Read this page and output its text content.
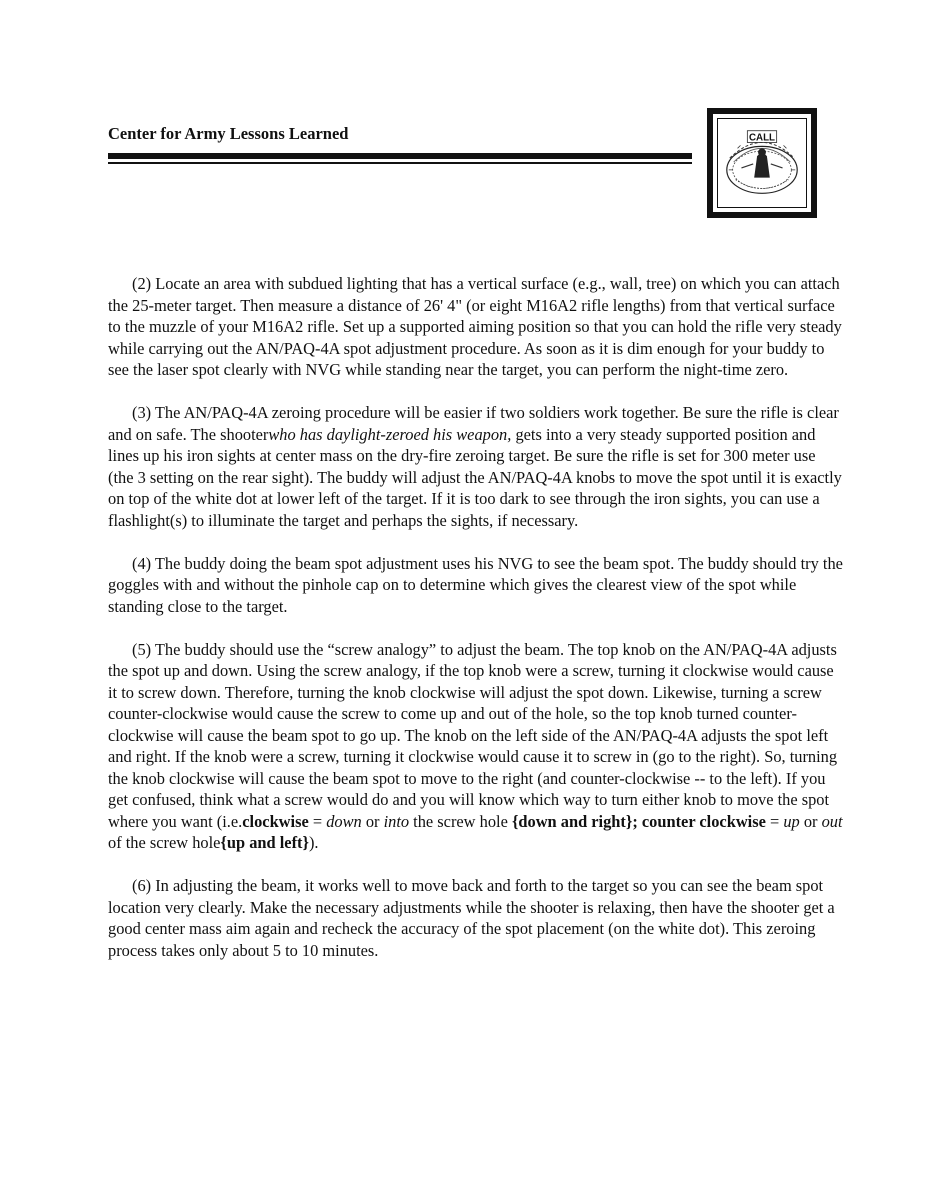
Center for Army Lessons Learned	CALL

(2) Locate an area with subdued lighting that has a vertical surface (e.g., wall, tree) on which you can attach the 25-meter target. Then measure a distance of 26' 4" (or eight M16A2 rifle lengths) from that vertical surface to the muzzle of your M16A2 rifle. Set up a supported aiming position so that you can hold the rifle very steady while carrying out the AN/PAQ-4A spot adjustment procedure. As soon as it is dim enough for your buddy to see the laser spot clearly with NVG while standing near the target, you can perform the night-time zero.

(3) The AN/PAQ-4A zeroing procedure will be easier if two soldiers work together. Be sure the rifle is clear and on safe. The shooterwho has daylight-zeroed his weapon, gets into a very steady supported position and lines up his iron sights at center mass on the dry-fire zeroing target. Be sure the rifle is set for 300 meter use (the 3 setting on the rear sight). The buddy will adjust the AN/PAQ-4A knobs to move the spot until it is exactly on top of the white dot at lower left of the target. If it is too dark to see through the iron sights, you can use a flashlight(s) to illuminate the target and perhaps the sights, if necessary.

(4) The buddy doing the beam spot adjustment uses his NVG to see the beam spot. The buddy should try the goggles with and without the pinhole cap on to determine which gives the clearest view of the spot while standing close to the target.

(5) The buddy should use the “screw analogy” to adjust the beam. The top knob on the AN/PAQ-4A adjusts the spot up and down. Using the screw analogy, if the top knob were a screw, turning it clockwise would cause it to screw down. Therefore, turning the knob clockwise will adjust the spot down. Likewise, turning a screw counter-clockwise would cause the screw to come up and out of the hole, so the top knob turned counter-clockwise will cause the beam spot to go up. The knob on the left side of the AN/PAQ-4A adjusts the spot left and right. If the knob were a screw, turning it clockwise would cause it to screw in (go to the right). So, turning the knob clockwise will cause the beam spot to move to the right (and counter-clockwise -- to the left). If you get confused, think what a screw would do and you will know which way to turn either knob to move the spot where you want (i.e.clockwise = down or into the screw hole {down and right}; counter clockwise = up or out of the screw hole{up and left}).

(6) In adjusting the beam, it works well to move back and forth to the target so you can see the beam spot location very clearly. Make the necessary adjustments while the shooter is relaxing, then have the shooter get a good center mass aim again and recheck the accuracy of the spot placement (on the white dot). This zeroing process takes only about 5 to 10 minutes.
